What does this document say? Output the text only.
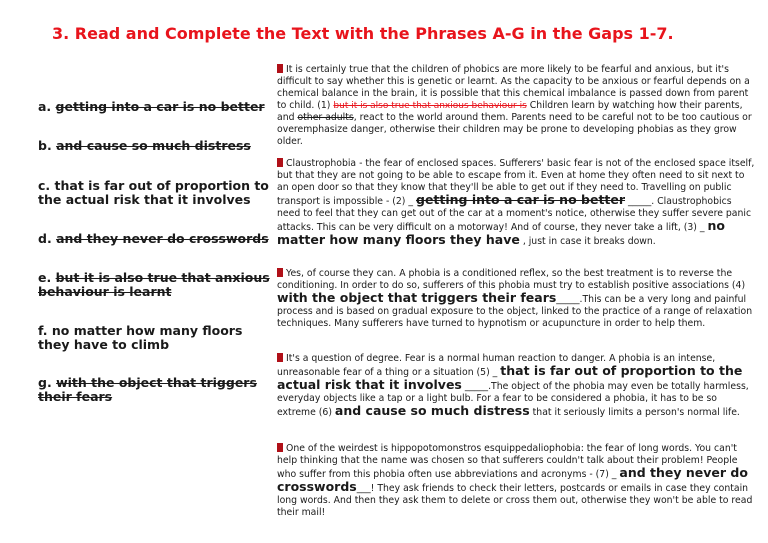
3. Read and Complete the Text with the Phrases A-G in the Gaps 1-7.
a. getting into a car is no better
b. and cause so much distress
c. that is far out of proportion to the actual risk that it involves
d. and they never do crosswords
e. but it is also true that anxious behaviour is learnt
f. no matter how many floors they have to climb
g. with the object that triggers their fears
It is certainly true that the children of phobics are more likely to be fearful and anxious, but it's difficult to say whether this is genetic or learnt. As the capacity to be anxious or fearful depends on a chemical balance in the brain, it is possible that this chemical imbalance is passed down from parent to child. (1) but it is also true that anxious behaviour is Children learn by watching how their parents, and other adults, react to the world around them. Parents need to be careful not to be too cautious or overemphasize danger, otherwise their children may be prone to developing phobias as they grow older.
Claustrophobia - the fear of enclosed spaces. Sufferers' basic fear is not of the enclosed space itself, but that they are not going to be able to escape from it. Even at home they often need to sit next to an open door so that they know that they'll be able to get out if they need to. Travelling on public transport is impossible - (2) _ getting into a car is no better _____. Claustrophobics need to feel that they can get out of the car at a moment's notice, otherwise they suffer severe panic attacks. This can be very difficult on a motorway! And of course, they never take a lift, (3) _ no matter how many floors they have , just in case it breaks down.
Yes, of course they can. A phobia is a conditioned reflex, so the best treatment is to reverse the conditioning. In order to do so, sufferers of this phobia must try to establish positive associations (4) with the object that triggers their fears_____.This can be a very long and painful process and is based on gradual exposure to the object, linked to the practice of a range of relaxation techniques. Many sufferers have turned to hypnotism or acupuncture in order to help them.
It's a question of degree. Fear is a normal human reaction to danger. A phobia is an intense, unreasonable fear of a thing or a situation (5) _ that is far out of proportion to the actual risk that it involves _____.The object of the phobia may even be totally harmless, everyday objects like a tap or a light bulb. For a fear to be considered a phobia, it has to be so extreme (6) and cause so much distress that it seriously limits a person's normal life.
One of the weirdest is hippopotomonstros esquippedaliophobia: the fear of long words. You can't help thinking that the name was chosen so that sufferers couldn't talk about their problem! People who suffer from this phobia often use abbreviations and acronyms - (7) _ and they never do crosswords___! They ask friends to check their letters, postcards or emails in case they contain long words. And then they ask them to delete or cross them out, otherwise they won't be able to read their mail!
